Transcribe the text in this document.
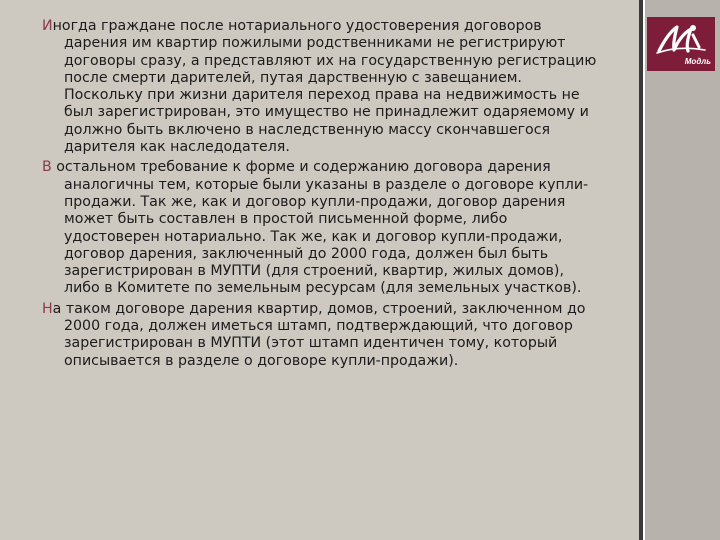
Иногда граждане после нотариального удостоверения договоров дарения им квартир пожилыми родственниками не регистрируют договоры сразу, а представляют их на государственную регистрацию после смерти дарителей, путая дарственную с завещанием. Поскольку при жизни дарителя переход права на недвижимость не был зарегистрирован, это имущество не принадлежит одаряемому и должно быть включено в наследственную массу скончавшегося дарителя как наследодателя.

В остальном требование к форме и содержанию договора дарения аналогичны тем, которые были указаны в разделе о договоре купли-продажи. Так же, как и договор купли-продажи, договор дарения может быть составлен в простой письменной форме, либо удостоверен нотариально. Так же, как и договор купли-продажи, договор дарения, заключенный до 2000 года, должен был быть зарегистрирован в МУПТИ (для строений, квартир, жилых домов), либо в Комитете по земельным ресурсам (для земельных участков).

На таком договоре дарения квартир, домов, строений, заключенном до 2000 года, должен иметься штамп, подтверждающий, что договор зарегистрирован в МУПТИ (этот штамп идентичен тому, который описывается в разделе о договоре купли-продажи).

Модль
